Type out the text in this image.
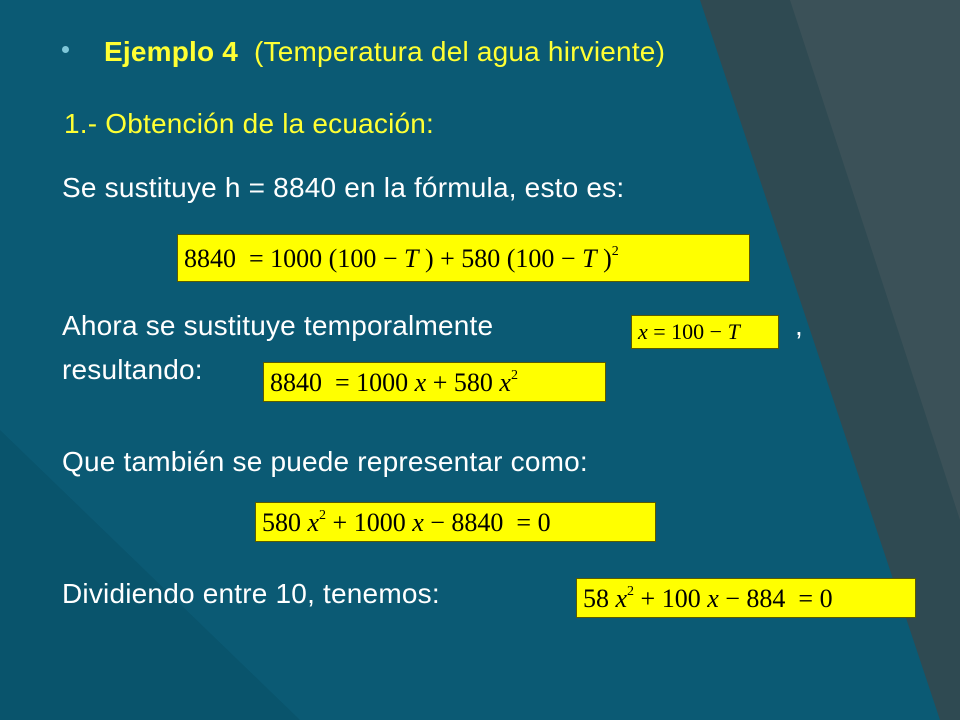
Ejemplo 4 (Temperatura del agua hirviente)
1.- Obtención de la ecuación:
Se sustituye h = 8840 en la fórmula, esto es:
8840  = 1000 (100 − T ) + 580 (100 − T )$^2$
Ahora se sustituye temporalmente	x = 100 − T ,
resultando:	8840  = 1000 x + 580 $x^2$
Que también se puede representar como:
580 $x^2 + 1000$ x − 8840  = 0
Dividiendo entre 10, tenemos:	58 $x^2 + 100$ x − 884  = 0
